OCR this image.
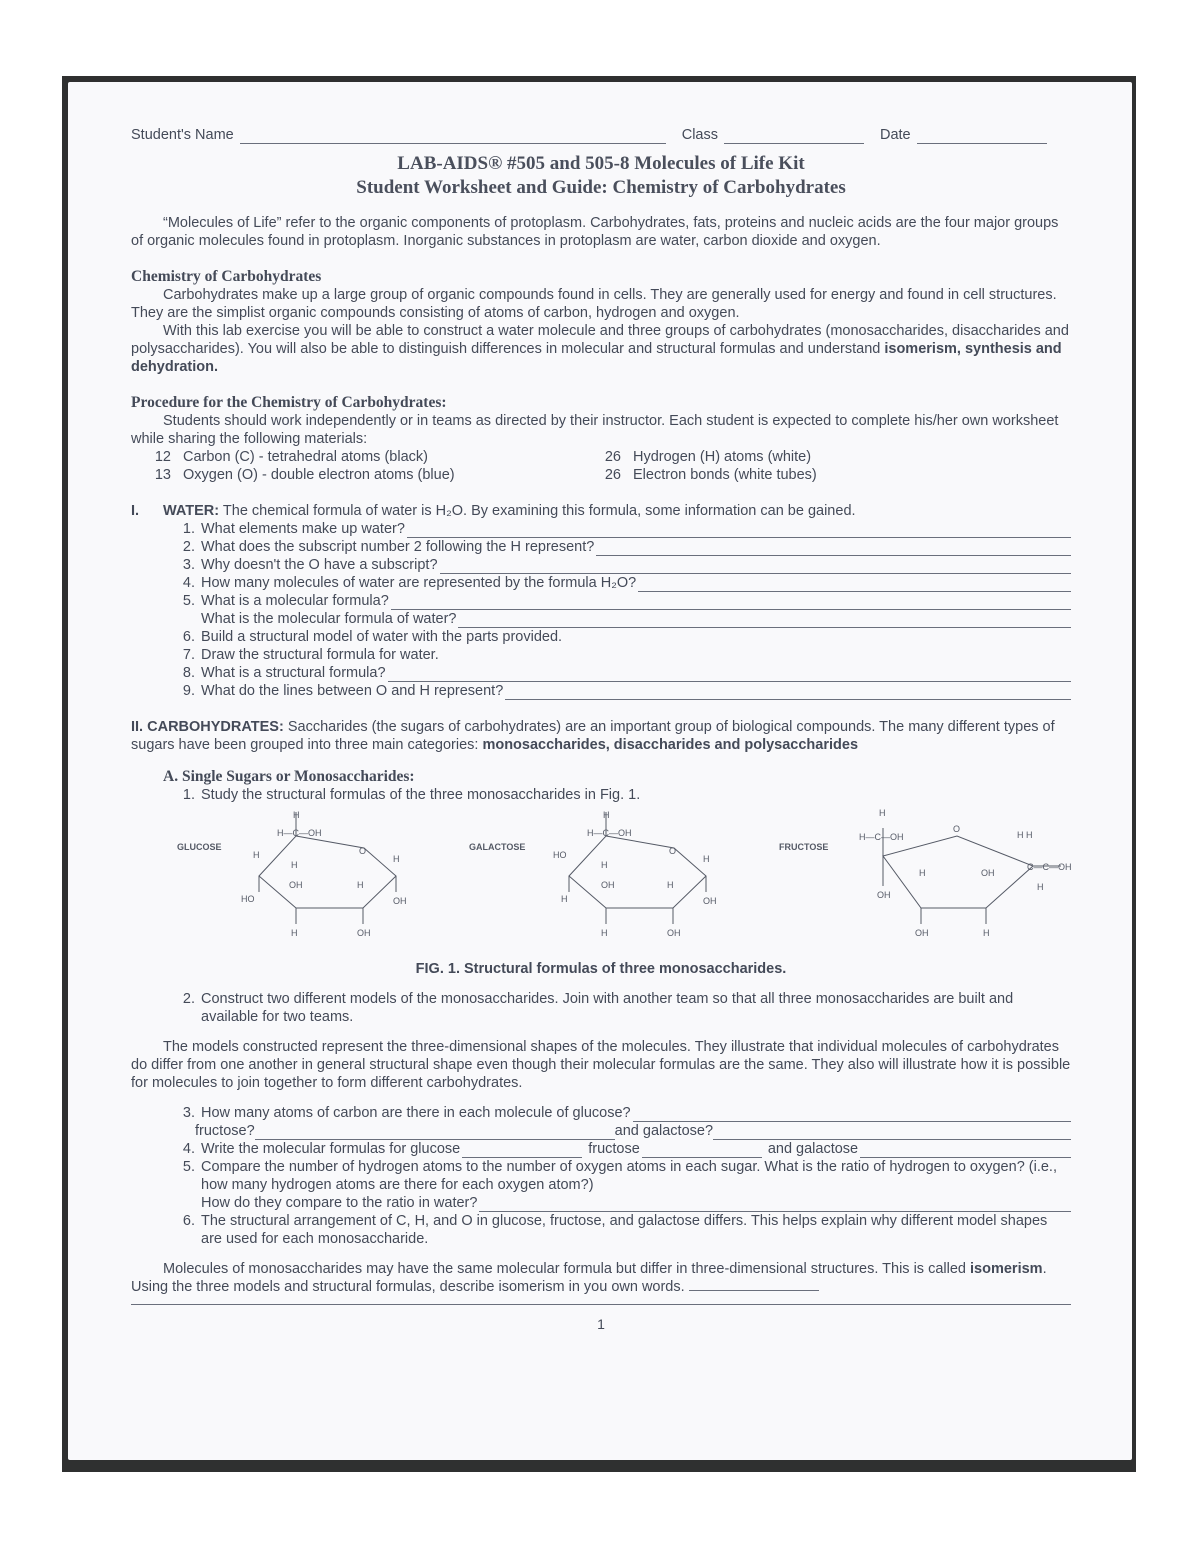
Student's Name	Class	Date
LAB-AIDS® #505 and 505-8 Molecules of Life Kit
Student Worksheet and Guide: Chemistry of Carbohydrates

“Molecules of Life” refer to the organic components of protoplasm. Carbohydrates, fats, proteins and nucleic acids are the four major groups of organic molecules found in protoplasm. Inorganic substances in protoplasm are water, carbon dioxide and oxygen.

Chemistry of Carbohydrates

Carbohydrates make up a large group of organic compounds found in cells. They are generally used for energy and found in cell structures. They are the simplist organic compounds consisting of atoms of carbon, hydrogen and oxygen.

With this lab exercise you will be able to construct a water molecule and three groups of carbohydrates (monosaccharides, disaccharides and polysaccharides). You will also be able to distinguish differences in molecular and structural formulas and understand isomerism, synthesis and dehydration.

Procedure for the Chemistry of Carbohydrates:

Students should work independently or in teams as directed by their instructor. Each student is expected to complete his/her own worksheet while sharing the following materials:

12 Carbon (C) - tetrahedral atoms (black)	26 Hydrogen (H) atoms (white)
13 Oxygen (O) - double electron atoms (blue)	26 Electron bonds (white tubes)
I. WATER: The chemical formula of water is H₂O. By examining this formula, some information can be gained.
1. What elements make up water?
2. What does the subscript number 2 following the H represent?
3. Why doesn't the O have a subscript?
4. How many molecules of water are represented by the formula H₂O?
5. What is a molecular formula?
What is the molecular formula of water?
6. Build a structural model of water with the parts provided.
7. Draw the structural formula for water.
8. What is a structural formula?
9. What do the lines between O and H represent?

II. CARBOHYDRATES: Saccharides (the sugars of carbohydrates) are an important group of biological compounds. The many different types of sugars have been grouped into three main categories: monosaccharides, disaccharides and polysaccharides

A. Single Sugars or Monosaccharides:
1. Study the structural formulas of the three monosaccharides in Fig. 1.
GLUCOSE
H
H—C—OH
H	O
H
H
OH	H
HO	OH
H	OH
GALACTOSE
H
H—C—OH
HO	O
H
H
OH	H
H	OH
H	OH
FRUCTOSE
H
H—C—OH
O
H H
C—C—OH
OH
H	OH
H
OH	H
FIG. 1. Structural formulas of three monosaccharides.
2. Construct two different models of the monosaccharides. Join with another team so that all three monosaccharides are built and available for two teams.

The models constructed represent the three-dimensional shapes of the molecules. They illustrate that individual molecules of carbohydrates do differ from one another in general structural shape even though their molecular formulas are the same. They also will illustrate how it is possible for molecules to join together to form different carbohydrates.

3. How many atoms of carbon are there in each molecule of glucose?
fructose?	and galactose?
4. Write the molecular formulas for glucose	fructose	and galactose
5. Compare the number of hydrogen atoms to the number of oxygen atoms in each sugar. What is the ratio of hydrogen to oxygen? (i.e., how many hydrogen atoms are there for each oxygen atom?)
How do they compare to the ratio in water?
6. The structural arrangement of C, H, and O in glucose, fructose, and galactose differs. This helps explain why different model shapes are used for each monosaccharide.

Molecules of monosaccharides may have the same molecular formula but differ in three-dimensional structures. This is called isomerism. Using the three models and structural formulas, describe isomerism in you own words.

1
